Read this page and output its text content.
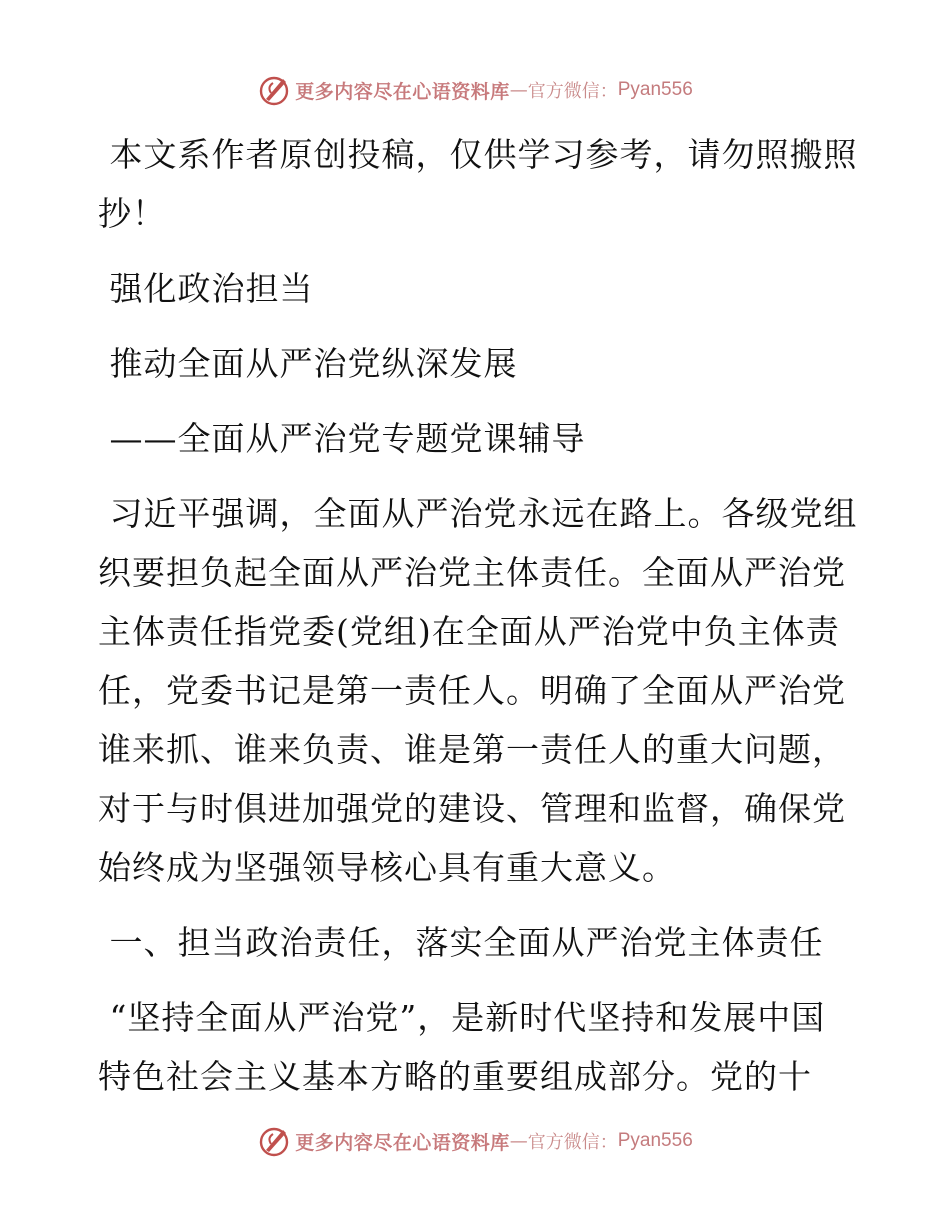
更多内容尽在心语资料库 — 官方微信： Pyan556

本文系作者原创投稿，仅供学习参考，请勿照搬照抄！

强化政治担当

推动全面从严治党纵深发展

——全面从严治党专题党课辅导

习近平强调，全面从严治党永远在路上。各级党组织要担负起全面从严治党主体责任。全面从严治党主体责任指党委(党组)在全面从严治党中负主体责任，党委书记是第一责任人。明确了全面从严治党谁来抓、谁来负责、谁是第一责任人的重大问题，对于与时俱进加强党的建设、管理和监督，确保党始终成为坚强领导核心具有重大意义。

一、担当政治责任，落实全面从严治党主体责任

“坚持全面从严治党”，是新时代坚持和发展中国特色社会主义基本方略的重要组成部分。党的十

更多内容尽在心语资料库 — 官方微信： Pyan556
